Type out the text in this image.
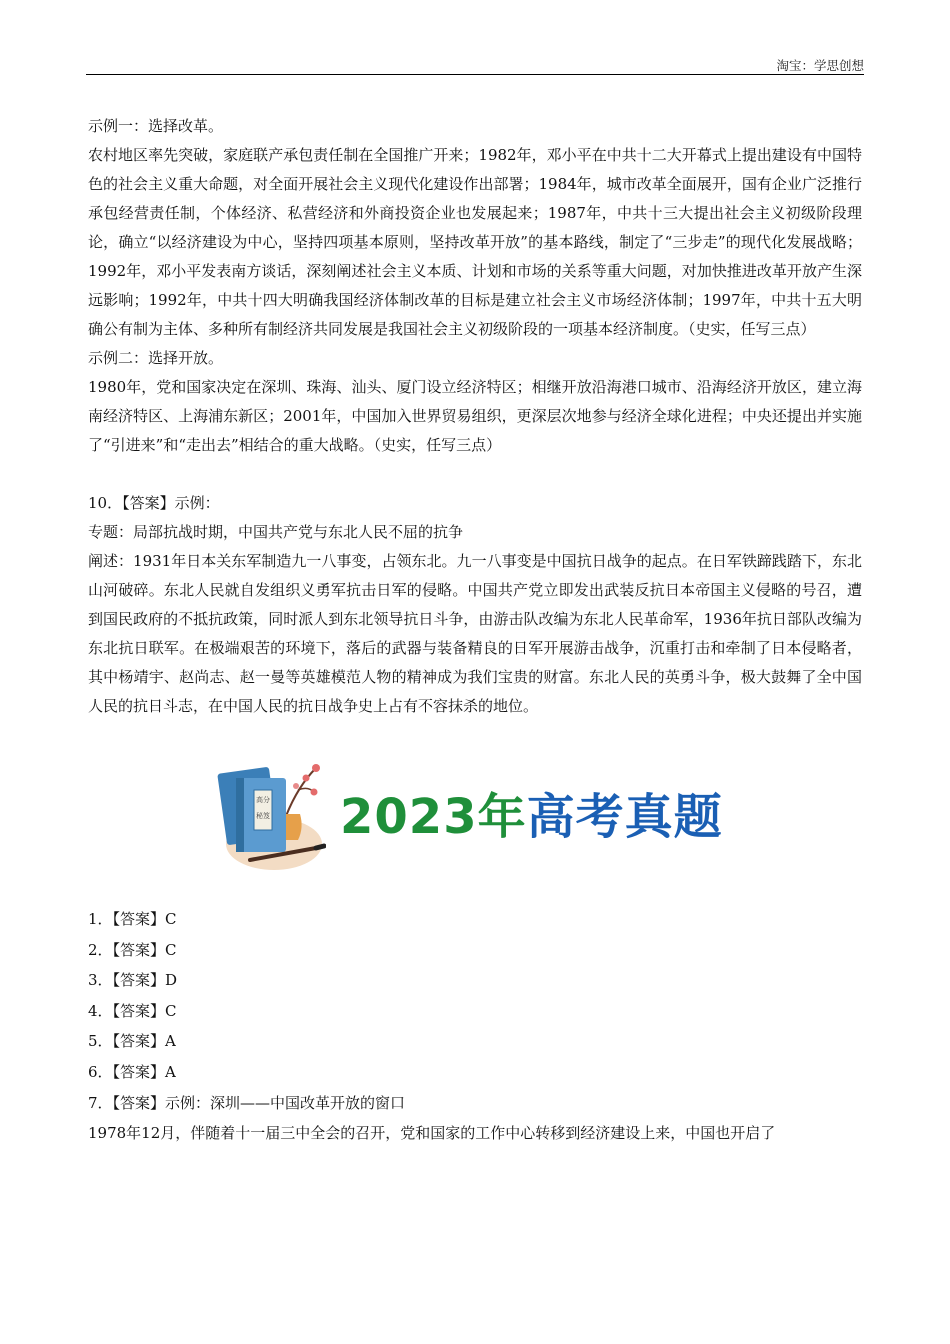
淘宝：学思创想

示例一：选择改革。

农村地区率先突破，家庭联产承包责任制在全国推广开来；1982年，邓小平在中共十二大开幕式上提出建设有中国特色的社会主义重大命题，对全面开展社会主义现代化建设作出部署；1984年，城市改革全面展开，国有企业广泛推行承包经营责任制，个体经济、私营经济和外商投资企业也发展起来；1987年，中共十三大提出社会主义初级阶段理论，确立“以经济建设为中心，坚持四项基本原则，坚持改革开放”的基本路线，制定了“三步走”的现代化发展战略；1992年，邓小平发表南方谈话，深刻阐述社会主义本质、计划和市场的关系等重大问题，对加快推进改革开放产生深远影响；1992年，中共十四大明确我国经济体制改革的目标是建立社会主义市场经济体制；1997年，中共十五大明确公有制为主体、多种所有制经济共同发展是我国社会主义初级阶段的一项基本经济制度。（史实，任写三点）

示例二：选择开放。

1980年，党和国家决定在深圳、珠海、汕头、厦门设立经济特区；相继开放沿海港口城市、沿海经济开放区，建立海南经济特区、上海浦东新区；2001年，中国加入世界贸易组织，更深层次地参与经济全球化进程；中央还提出并实施了“引进来”和“走出去”相结合的重大战略。（史实，任写三点）

10．【答案】示例：

专题：局部抗战时期，中国共产党与东北人民不屈的抗争

阐述：1931年日本关东军制造九一八事变，占领东北。九一八事变是中国抗日战争的起点。在日军铁蹄践踏下，东北山河破碎。东北人民就自发组织义勇军抗击日军的侵略。中国共产党立即发出武装反抗日本帝国主义侵略的号召，遭到国民政府的不抵抗政策，同时派人到东北领导抗日斗争，由游击队改编为东北人民革命军，1936年抗日部队改编为东北抗日联军。在极端艰苦的环境下，落后的武器与装备精良的日军开展游击战争，沉重打击和牵制了日本侵略者，其中杨靖宇、赵尚志、赵一曼等英雄模范人物的精神成为我们宝贵的财富。东北人民的英勇斗争，极大鼓舞了全中国人民的抗日斗志，在中国人民的抗日战争史上占有不容抹杀的地位。

高分
秘笈 2023年高考真题

1．【答案】C

2．【答案】C

3．【答案】D

4．【答案】C

5．【答案】A

6．【答案】A

7．【答案】示例：深圳——中国改革开放的窗口

1978年12月，伴随着十一届三中全会的召开，党和国家的工作中心转移到经济建设上来，中国也开启了
